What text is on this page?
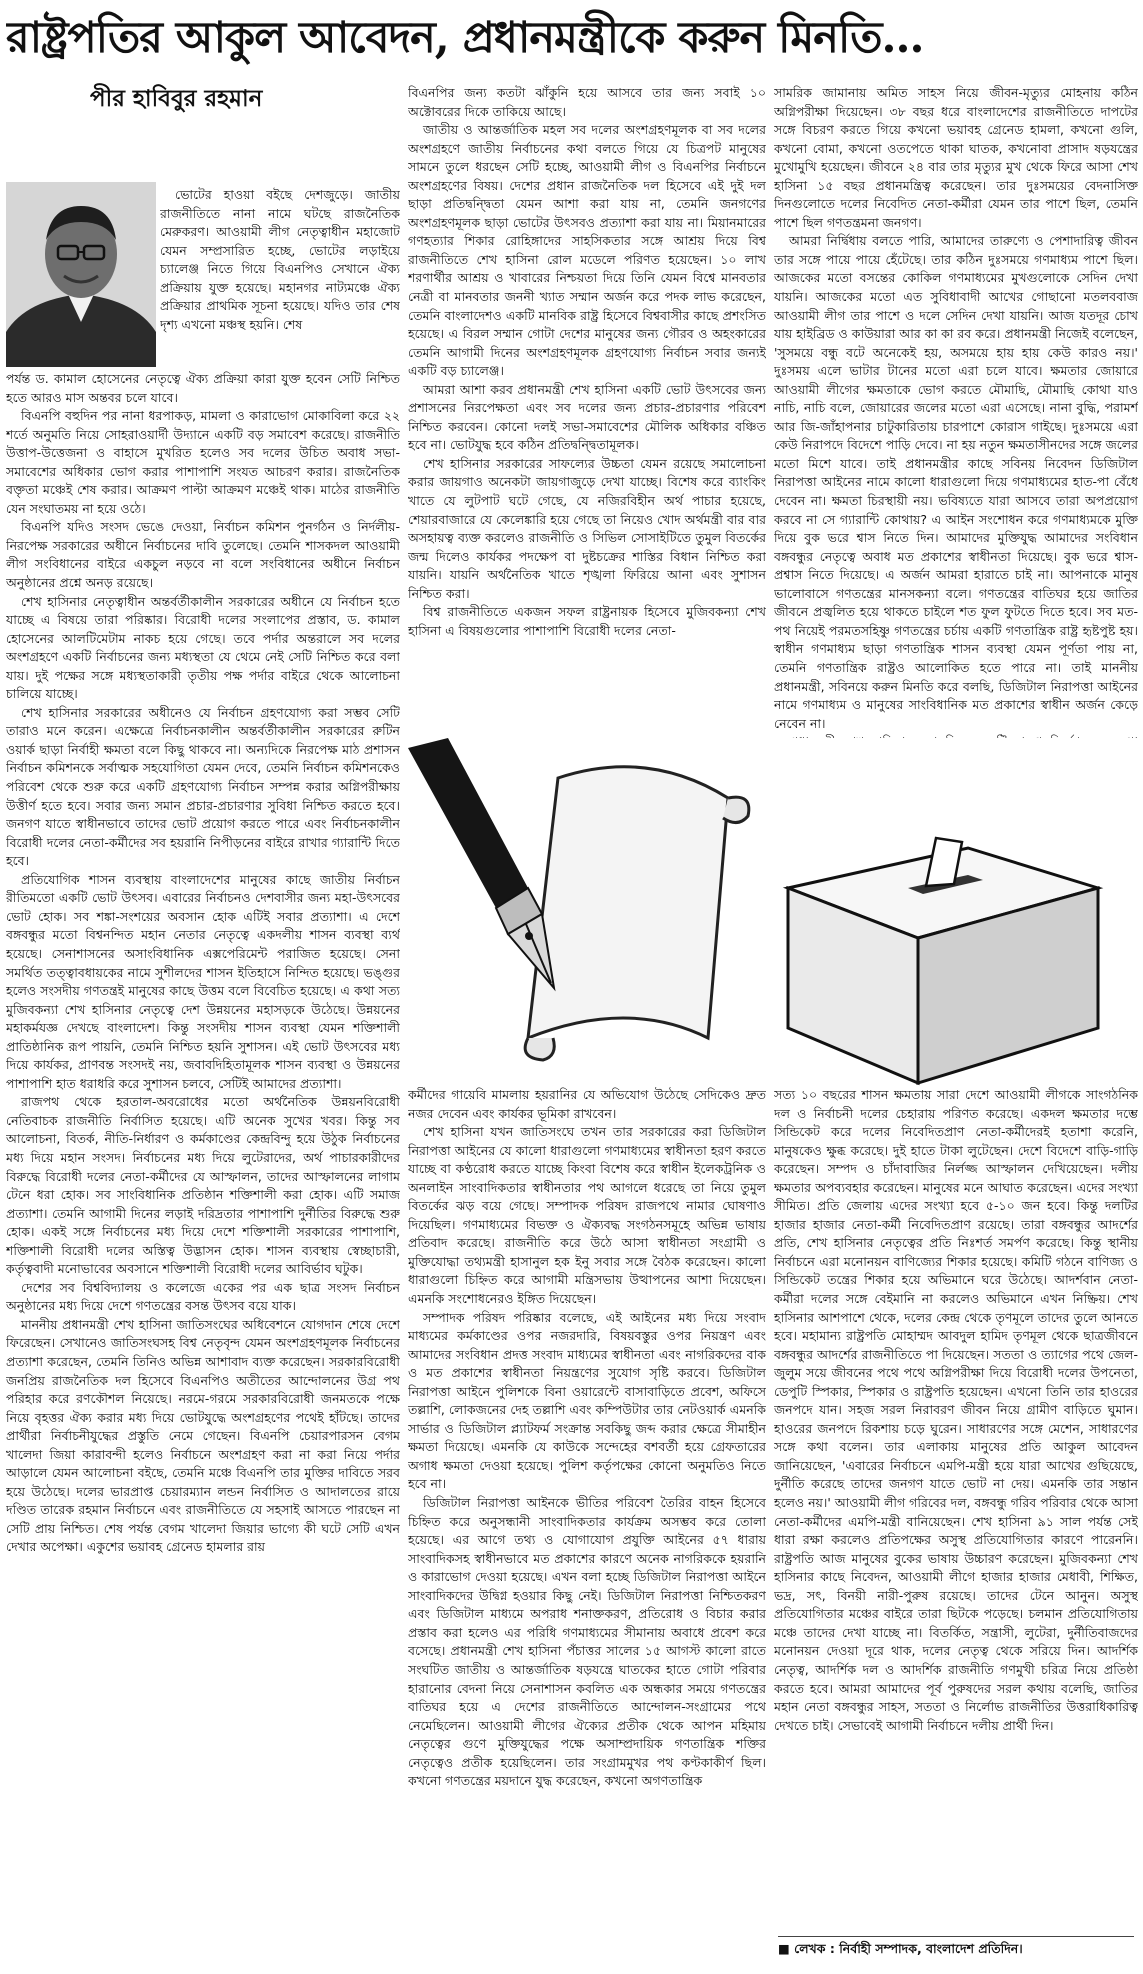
রাষ্ট্রপতির আকুল আবেদন, প্রধানমন্ত্রীকে করুন মিনতি...
পীর হাবিবুর রহমান

ভোটের হাওয়া বইছে দেশজুড়ে। জাতীয় রাজনীতিতে নানা নামে ঘটছে রাজনৈতিক মেরুকরণ। আওয়ামী লীগ নেতৃত্বাধীন মহাজোট যেমন সম্প্রসারিত হচ্ছে, ভোটের লড়াইয়ে চ্যালেঞ্জ নিতে গিয়ে বিএনপিও সেখানে ঐক্য প্রক্রিয়ায় যুক্ত হয়েছে। মহানগর নাট্যমঞ্চে ঐক্য প্রক্রিয়ার প্রাথমিক সূচনা হয়েছে। যদিও তার শেষ দৃশ্য এখনো মঞ্চস্থ হয়নি। শেষ

পর্যন্ত ড. কামাল হোসেনের নেতৃত্বে ঐক্য প্রক্রিয়া কারা যুক্ত হবেন সেটি নিশ্চিত হতে আরও মাস অন্তবর চলে যাবে।

বিএনপি বহুদিন পর নানা ধরপাকড়, মামলা ও কারাভোগ মোকাবিলা করে ২২ শর্তে অনুমতি নিয়ে সোহরাওয়ার্দী উদ্যানে একটি বড় সমাবেশ করেছে। রাজনীতি উত্তাপ-উত্তেজনা ও বাহাসে মুখরিত হলেও সব দলের উচিত অবাধ সভা-সমাবেশের অধিকার ভোগ করার পাশাপাশি সংযত আচরণ করার। রাজনৈতিক বক্তৃতা মঞ্চেই শেষ করার। আক্রমণ পাল্টা আক্রমণ মঞ্চেই থাক। মাঠের রাজনীতি যেন সংঘাতময় না হয়ে ওঠে।

বিএনপি যদিও সংসদ ভেঙে দেওয়া, নির্বাচন কমিশন পুনর্গঠন ও নির্দলীয়-নিরপেক্ষ সরকারের অধীনে নির্বাচনের দাবি তুলেছে। তেমনি শাসকদল আওয়ামী লীগ সংবিধানের বাইরে একচুল নড়বে না বলে সংবিধানের অধীনে নির্বাচন অনুষ্ঠানের প্রশ্নে অনড় রয়েছে।

শেখ হাসিনার নেতৃত্বাধীন অন্তর্বর্তীকালীন সরকারের অধীনে যে নির্বাচন হতে যাচ্ছে এ বিষয়ে তারা পরিষ্কার। বিরোধী দলের সংলাপের প্রস্তাব, ড. কামাল হোসেনের আলটিমেটাম নাকচ হয়ে গেছে। তবে পর্দার অন্তরালে সব দলের অংশগ্রহণে একটি নির্বাচনের জন্য মধ্যস্থতা যে থেমে নেই সেটি নিশ্চিত করে বলা যায়। দুই পক্ষের সঙ্গে মধ্যস্থতাকারী তৃতীয় পক্ষ পর্দার বাইরে থেকে আলোচনা চালিয়ে যাচ্ছে।

শেখ হাসিনার সরকারের অধীনেও যে নির্বাচন গ্রহণযোগ্য করা সম্ভব সেটি তারাও মনে করেন। এক্ষেত্রে নির্বাচনকালীন অন্তর্বর্তীকালীন সরকারের রুটিন ওয়ার্ক ছাড়া নির্বাহী ক্ষমতা বলে কিছু থাকবে না। অন্যদিকে নিরপেক্ষ মাঠ প্রশাসন নির্বাচন কমিশনকে সর্বাত্মক সহযোগিতা যেমন দেবে, তেমনি নির্বাচন কমিশনকেও পরিবেশ থেকে শুরু করে একটি গ্রহণযোগ্য নির্বাচন সম্পন্ন করার অগ্নিপরীক্ষায় উত্তীর্ণ হতে হবে। সবার জন্য সমান প্রচার-প্রচারণার সুবিধা নিশ্চিত করতে হবে। জনগণ যাতে স্বাধীনভাবে তাদের ভোট প্রয়োগ করতে পারে এবং নির্বাচনকালীন বিরোধী দলের নেতা-কর্মীদের সব হয়রানি নিপীড়নের বাইরে রাখার গ্যারান্টি দিতে হবে।

প্রতিযোগিক শাসন ব্যবস্থায় বাংলাদেশের মানুষের কাছে জাতীয় নির্বাচন রীতিমতো একটি ভোট উৎসব। এবারের নির্বাচনও দেশবাসীর জন্য মহা-উৎসবের ভোট হোক। সব শঙ্কা-সংশয়ের অবসান হোক এটিই সবার প্রত্যাশা। এ দেশে বঙ্গবন্ধুর মতো বিশ্বনন্দিত মহান নেতার নেতৃত্বে একদলীয় শাসন ব্যবস্থা ব্যর্থ হয়েছে। সেনাশাসনের অসাংবিধানিক এক্সপেরিমেন্ট পরাজিত হয়েছে। সেনা সমর্থিত তত্ত্বাবধায়কের নামে সুশীলদের শাসন ইতিহাসে নিন্দিত হয়েছে। ভঙ্গুর হলেও সংসদীয় গণতন্ত্রই মানুষের কাছে উত্তম বলে বিবেচিত হয়েছে। এ কথা সত্য মুজিবকন্যা শেখ হাসিনার নেতৃত্বে দেশ উন্নয়নের মহাসড়কে উঠেছে। উন্নয়নের মহাকর্মযজ্ঞ দেখছে বাংলাদেশ। কিন্তু সংসদীয় শাসন ব্যবস্থা যেমন শক্তিশালী প্রাতিষ্ঠানিক রূপ পায়নি, তেমনি নিশ্চিত হয়নি সুশাসন। এই ভোট উৎসবের মধ্য দিয়ে কার্যকর, প্রাণবন্ত সংসদই নয়, জবাবদিহিতামূলক শাসন ব্যবস্থা ও উন্নয়নের পাশাপাশি হাত ধরাধরি করে সুশাসন চলবে, সেটিই আমাদের প্রত্যাশা।

রাজপথ থেকে হরতাল-অবরোধের মতো অর্থনৈতিক উন্নয়নবিরোধী নেতিবাচক রাজনীতি নির্বাসিত হয়েছে। এটি অনেক সুখের খবর। কিন্তু সব আলোচনা, বিতর্ক, নীতি-নির্ধারণ ও কর্মকাণ্ডের কেন্দ্রবিন্দু হয়ে উঠুক নির্বাচনের মধ্য দিয়ে মহান সংসদ। নির্বাচনের মধ্য দিয়ে লুটেরাদের, অর্থ পাচারকারীদের বিরুদ্ধে বিরোধী দলের নেতা-কর্মীদের যে আস্ফালন, তাদের আস্ফালনের লাগাম টেনে ধরা হোক। সব সাংবিধানিক প্রতিষ্ঠান শক্তিশালী করা হোক। এটি সমাজ প্রত্যাশা। তেমনি আগামী দিনের লড়াই দরিদ্রতার পাশাপাশি দুর্নীতির বিরুদ্ধে শুরু হোক। একই সঙ্গে নির্বাচনের মধ্য দিয়ে দেশে শক্তিশালী সরকারের পাশাপাশি, শক্তিশালী বিরোধী দলের অস্তিত্ব উদ্ভাসন হোক। শাসন ব্যবস্থায় স্বেচ্ছাচারী, কর্তৃত্ববাদী মনোভাবের অবসানে শক্তিশালী বিরোধী দলের আবির্ভাব ঘটুক।

দেশের সব বিশ্ববিদ্যালয় ও কলেজে একের পর এক ছাত্র সংসদ নির্বাচন অনুষ্ঠানের মধ্য দিয়ে দেশে গণতন্ত্রের বসন্ত উৎসব বয়ে যাক।

মাননীয় প্রধানমন্ত্রী শেখ হাসিনা জাতিসংঘের অধিবেশনে যোগদান শেষে দেশে ফিরেছেন। সেখানেও জাতিসংঘসহ বিশ্ব নেতৃবৃন্দ যেমন অংশগ্রহণমূলক নির্বাচনের প্রত্যাশা করেছেন, তেমনি তিনিও অভিন্ন আশাবাদ ব্যক্ত করেছেন। সরকারবিরোধী জনপ্রিয় রাজনৈতিক দল হিসেবে বিএনপিও অতীতের আন্দোলনের উগ্র পথ পরিহার করে রণকৌশল নিয়েছে। নরমে-গরমে সরকারবিরোধী জনমতকে পক্ষে নিয়ে বৃহত্তর ঐক্য করার মধ্য দিয়ে ভোটযুদ্ধে অংশগ্রহণের পথেই হাঁটছে। তাদের প্রার্থীরা নির্বাচনীযুদ্ধের প্রস্তুতি নেমে গেছেন। বিএনপি চেয়ারপারসন বেগম খালেদা জিয়া কারাবন্দী হলেও নির্বাচনে অংশগ্রহণ করা না করা নিয়ে পর্দার আড়ালে যেমন আলোচনা বইছে, তেমনি মঞ্চে বিএনপি তার মুক্তির দাবিতে সরব হয়ে উঠেছে। দলের ভারপ্রাপ্ত চেয়ারম্যান লন্ডন নির্বাসিত ও আদালতের রায়ে দণ্ডিত তারেক রহমান নির্বাচনে এবং রাজনীতিতে যে সহসাই আসতে পারছেন না সেটি প্রায় নিশ্চিত। শেষ পর্যন্ত বেগম খালেদা জিয়ার ভাগ্যে কী ঘটে সেটি এখন দেখার অপেক্ষা। একুশের ভয়াবহ গ্রেনেড হামলার রায়

বিএনপির জন্য কতটা ঝাঁকুনি হয়ে আসবে তার জন্য সবাই ১০ অক্টোবরের দিকে তাকিয়ে আছে।

জাতীয় ও আন্তর্জাতিক মহল সব দলের অংশগ্রহণমূলক বা সব দলের অংশগ্রহণে জাতীয় নির্বাচনের কথা বলতে গিয়ে যে চিত্রপট মানুষের সামনে তুলে ধরছেন সেটি হচ্ছে, আওয়ামী লীগ ও বিএনপির নির্বাচনে অংশগ্রহণের বিষয়। দেশের প্রধান রাজনৈতিক দল হিসেবে এই দুই দল ছাড়া প্রতিদ্বন্দ্বিতা যেমন আশা করা যায় না, তেমনি জনগণের অংশগ্রহণমূলক ছাড়া ভোটের উৎসবও প্রত্যাশা করা যায় না। মিয়ানমারের গণহত্যার শিকার রোহিঙ্গাদের সাহসিকতার সঙ্গে আশ্রয় দিয়ে বিশ্ব রাজনীতিতে শেখ হাসিনা রোল মডেলে পরিণত হয়েছেন। ১০ লাখ শরণার্থীর আশ্রয় ও খাবারের নিশ্চয়তা দিয়ে তিনি যেমন বিশ্বে মানবতার নেত্রী বা মানবতার জননী খ্যাত সম্মান অর্জন করে পদক লাভ করেছেন, তেমনি বাংলাদেশও একটি মানবিক রাষ্ট্র হিসেবে বিশ্ববাসীর কাছে প্রশংসিত হয়েছে। এ বিরল সম্মান গোটা দেশের মানুষের জন্য গৌরব ও অহংকারের তেমনি আগামী দিনের অংশগ্রহণমূলক গ্রহণযোগ্য নির্বাচন সবার জন্যই একটি বড় চ্যালেঞ্জ।

আমরা আশা করব প্রধানমন্ত্রী শেখ হাসিনা একটি ভোট উৎসবের জন্য প্রশাসনের নিরপেক্ষতা এবং সব দলের জন্য প্রচার-প্রচারণার পরিবেশ নিশ্চিত করবেন। কোনো দলই সভা-সমাবেশের মৌলিক অধিকার বঞ্চিত হবে না। ভোটযুদ্ধ হবে কঠিন প্রতিদ্বন্দ্বিতামূলক।

শেখ হাসিনার সরকারের সাফল্যের উচ্চতা যেমন রয়েছে সমালোচনা করার জায়গাও অনেকটা জায়গাজুড়ে দেখা যাচ্ছে। বিশেষ করে ব্যাংকিং খাতে যে লুটপাট ঘটে গেছে, যে নজিরবিহীন অর্থ পাচার হয়েছে, শেয়ারবাজারে যে কেলেঙ্কারি হয়ে গেছে তা নিয়েও খোদ অর্থমন্ত্রী বার বার অসহায়ত্ব ব্যক্ত করলেও রাজনীতি ও সিভিল সোসাইটিতে তুমুল বিতর্কের জন্ম দিলেও কার্যকর পদক্ষেপ বা দুষ্টচক্রের শাস্তির বিধান নিশ্চিত করা যায়নি। যায়নি অর্থনৈতিক খাতে শৃঙ্খলা ফিরিয়ে আনা এবং সুশাসন নিশ্চিত করা।

বিশ্ব রাজনীতিতে একজন সফল রাষ্ট্রনায়ক হিসেবে মুজিবকন্যা শেখ হাসিনা এ বিষয়গুলোর পাশাপাশি বিরোধী দলের নেতা-

সামরিক জামানায় অমিত সাহস নিয়ে জীবন-মৃত্যুর মোহনায় কঠিন অগ্নিপরীক্ষা দিয়েছেন। ৩৮ বছর ধরে বাংলাদেশের রাজনীতিতে দাপটের সঙ্গে বিচরণ করতে গিয়ে কখনো ভয়াবহ গ্রেনেড হামলা, কখনো গুলি, কখনো বোমা, কখনো ওতপেতে থাকা ঘাতক, কখনোবা প্রাসাদ ষড়যন্ত্রের মুখোমুখি হয়েছেন। জীবনে ২৪ বার তার মৃত্যুর মুখ থেকে ফিরে আসা শেখ হাসিনা ১৫ বছর প্রধানমন্ত্রিত্ব করেছেন। তার দুঃসময়ের বেদনাসিক্ত দিনগুলোতে দলের নিবেদিত নেতা-কর্মীরা যেমন তার পাশে ছিল, তেমনি পাশে ছিল গণতন্ত্রমনা জনগণ।

আমরা নির্দ্বিধায় বলতে পারি, আমাদের তারুণ্যে ও পেশাদারিত্ব জীবন তার সঙ্গে পায়ে পায়ে হেঁটেছে। তার কঠিন দুঃসময়ে গণমাধ্যম পাশে ছিল। আজকের মতো বসন্তের কোকিল গণমাধ্যমের মুখগুলোকে সেদিন দেখা যায়নি। আজকের মতো এত সুবিধাবাদী আখের গোছানো মতলববাজ আওয়ামী লীগ তার পাশে ও দলে সেদিন দেখা যায়নি। আজ যতদূর চোখ যায় হাইব্রিড ও কাউয়ারা আর কা কা রব করে। প্রধানমন্ত্রী নিজেই বলেছেন, 'সুসময়ে বন্ধু বটে অনেকেই হয়, অসময়ে হায় হায় কেউ কারও নয়।' দুঃসময় এলে ভাটার টানের মতো এরা চলে যাবে। ক্ষমতার জোয়ারে আওয়ামী লীগের ক্ষমতাকে ভোগ করতে মৌমাছি, মৌমাছি কোথা যাও নাচি, নাচি বলে, জোয়ারের জলের মতো এরা এসেছে। নানা বুদ্ধি, পরামর্শ আর জি-জাঁহাপনার চাটুকারিতায় চারপাশে কোরাস গাইছে। দুঃসময়ে এরা কেউ নিরাপদে বিদেশে পাড়ি দেবে। না হয় নতুন ক্ষমতাসীনদের সঙ্গে জলের মতো মিশে যাবে। তাই প্রধানমন্ত্রীর কাছে সবিনয় নিবেদন ডিজিটাল নিরাপত্তা আইনের নামে কালো ধারাগুলো দিয়ে গণমাধ্যমের হাত-পা বেঁধে দেবেন না। ক্ষমতা চিরস্থায়ী নয়। ভবিষ্যতে যারা আসবে তারা অপপ্রয়োগ করবে না সে গ্যারান্টি কোথায়? এ আইন সংশোধন করে গণমাধ্যমকে মুক্তি দিয়ে বুক ভরে শ্বাস নিতে দিন। আমাদের মুক্তিযুদ্ধ আমাদের সংবিধান বঙ্গবন্ধুর নেতৃত্বে অবাধ মত প্রকাশের স্বাধীনতা দিয়েছে। বুক ভরে শ্বাস-প্রশ্বাস নিতে দিয়েছে। এ অর্জন আমরা হারাতে চাই না। আপনাকে মানুষ ভালোবাসে গণতন্ত্রের মানসকন্যা বলে। গণতন্ত্রের বাতিঘর হয়ে জাতির জীবনে প্রজ্বলিত হয়ে থাকতে চাইলে শত ফুল ফুটতে দিতে হবে। সব মত-পথ নিয়েই পরমতসহিষ্ণু গণতন্ত্রের চর্চায় একটি গণতান্ত্রিক রাষ্ট্র হৃষ্টপুষ্ট হয়। স্বাধীন গণমাধ্যম ছাড়া গণতান্ত্রিক শাসন ব্যবস্থা যেমন পূর্ণতা পায় না, তেমনি গণতান্ত্রিক রাষ্ট্রও আলোকিত হতে পারে না। তাই মাননীয় প্রধানমন্ত্রী, সবিনয়ে করুন মিনতি করে বলছি, ডিজিটাল নিরাপত্তা আইনের নামে গণমাধ্যম ও মানুষের সাংবিধানিক মত প্রকাশের স্বাধীন অর্জন কেড়ে নেবেন না।

কর্মীদের গায়েবি মামলায় হয়রানির যে অভিযোগ উঠেছে সেদিকেও দ্রুত নজর দেবেন এবং কার্যকর ভূমিকা রাখবেন।

শেখ হাসিনা যখন জাতিসংঘে তখন তার সরকারের করা ডিজিটাল নিরাপত্তা আইনের যে কালো ধারাগুলো গণমাধ্যমের স্বাধীনতা হরণ করতে যাচ্ছে বা কণ্ঠরোধ করতে যাচ্ছে কিংবা বিশেষ করে স্বাধীন ইলেকট্রনিক ও অনলাইন সাংবাদিকতার স্বাধীনতার পথ আগলে ধরেছে তা নিয়ে তুমুল বিতর্কের ঝড় বয়ে গেছে। সম্পাদক পরিষদ রাজপথে নামার ঘোষণাও দিয়েছিল। গণমাধ্যমের বিভক্ত ও ঐক্যবদ্ধ সংগঠনসমূহে অভিন্ন ভাষায় প্রতিবাদ করেছে। রাজনীতি করে উঠে আসা স্বাধীনতা সংগ্রামী ও মুক্তিযোদ্ধা তথ্যমন্ত্রী হাসানুল হক ইনু সবার সঙ্গে বৈঠক করেছেন। কালো ধারাগুলো চিহ্নিত করে আগামী মন্ত্রিসভায় উত্থাপনের আশা দিয়েছেন। এমনকি সংশোধনেরও ইঙ্গিত দিয়েছেন।

সম্পাদক পরিষদ পরিষ্কার বলেছে, এই আইনের মধ্য দিয়ে সংবাদ মাধ্যমের কর্মকাণ্ডের ওপর নজরদারি, বিষয়বস্তুর ওপর নিয়ন্ত্রণ এবং আমাদের সংবিধান প্রদত্ত সংবাদ মাধ্যমের স্বাধীনতা এবং নাগরিকদের বাক ও মত প্রকাশের স্বাধীনতা নিয়ন্ত্রণের সুযোগ সৃষ্টি করবে। ডিজিটাল নিরাপত্তা আইনে পুলিশকে বিনা ওয়ারেন্টে বাসাবাড়িতে প্রবেশ, অফিসে তল্লাশি, লোকজনের দেহ তল্লাশি এবং কম্পিউটার তার নেটওয়ার্ক এমনকি সার্ভার ও ডিজিটাল প্ল্যাটফর্ম সংক্রান্ত সবকিছু জব্দ করার ক্ষেত্রে সীমাহীন ক্ষমতা দিয়েছে। এমনকি যে কাউকে সন্দেহের বশবর্তী হয়ে গ্রেফতারের অগাধ ক্ষমতা দেওয়া হয়েছে। পুলিশ কর্তৃপক্ষের কোনো অনুমতিও নিতে হবে না।

ডিজিটাল নিরাপত্তা আইনকে ভীতির পরিবেশ তৈরির বাহন হিসেবে চিহ্নিত করে অনুসন্ধানী সাংবাদিকতার কার্যক্রম অসম্ভব করে তোলা হয়েছে। এর আগে তথ্য ও যোগাযোগ প্রযুক্তি আইনের ৫৭ ধারায় সাংবাদিকসহ স্বাধীনভাবে মত প্রকাশের কারণে অনেক নাগরিককে হয়রানি ও কারাভোগ দেওয়া হয়েছে। এখন বলা হচ্ছে ডিজিটাল নিরাপত্তা আইনে সাংবাদিকদের উদ্বিগ্ন হওয়ার কিছু নেই। ডিজিটাল নিরাপত্তা নিশ্চিতকরণ এবং ডিজিটাল মাধ্যমে অপরাধ শনাক্তকরণ, প্রতিরোধ ও বিচার করার প্রস্তাব করা হলেও এর পরিধি গণমাধ্যমের সীমানায় অবাধে প্রবেশ করে বসেছে। প্রধানমন্ত্রী শেখ হাসিনা পঁচাত্তর সালের ১৫ আগস্ট কালো রাতে সংঘটিত জাতীয় ও আন্তর্জাতিক ষড়যন্ত্রে ঘাতকের হাতে গোটা পরিবার হারানোর বেদনা নিয়ে সেনাশাসন কবলিত এক অন্ধকার সময়ে গণতন্ত্রের বাতিঘর হয়ে এ দেশের রাজনীতিতে আন্দোলন-সংগ্রামের পথে নেমেছিলেন। আওয়ামী লীগের ঐক্যের প্রতীক থেকে আপন মহিমায় নেতৃত্বের গুণে মুক্তিযুদ্ধের পক্ষে অসাম্প্রদায়িক গণতান্ত্রিক শক্তির নেতৃত্বেও প্রতীক হয়েছিলেন। তার সংগ্রামমুখর পথ কণ্টকাকীর্ণ ছিল। কখনো গণতন্ত্রের ময়দানে যুদ্ধ করেছেন, কখনো অগণতান্ত্রিক

সত্য ১০ বছরের শাসন ক্ষমতায় সারা দেশে আওয়ামী লীগকে সাংগঠনিক দল ও নির্বাচনী দলের চেহারায় পরিণত করেছে। একদল ক্ষমতার দম্ভে সিন্ডিকেট করে দলের নিবেদিতপ্রাণ নেতা-কর্মীদেরই হতাশা করেনি, মানুষকেও ক্ষুব্ধ করেছে। দুই হাতে টাকা লুটেছেন। দেশে বিদেশে বাড়ি-গাড়ি করেছেন। সম্পদ ও চাঁদাবাজির নির্লজ্জ আস্ফালন দেখিয়েছেন। দলীয় ক্ষমতার অপব্যবহার করেছেন। মানুষের মনে আঘাত করেছেন। এদের সংখ্যা সীমিত। প্রতি জেলায় এদের সংখ্যা হবে ৫-১০ জন হবে। কিন্তু দলটির হাজার হাজার নেতা-কর্মী নিবেদিতপ্রাণ রয়েছে। তারা বঙ্গবন্ধুর আদর্শের প্রতি, শেখ হাসিনার নেতৃত্বের প্রতি নিঃশর্ত সমর্পণ করেছে। কিন্তু স্থানীয় নির্বাচনে এরা মনোনয়ন বাণিজ্যের শিকার হয়েছে। কমিটি গঠনে বাণিজ্য ও সিন্ডিকেট তন্ত্রের শিকার হয়ে অভিমানে ঘরে উঠেছে। আদর্শবান নেতা-কর্মীরা দলের সঙ্গে বেইমানি না করলেও অভিমানে এখন নিষ্ক্রিয়। শেখ হাসিনার আশপাশে থেকে, দলের কেন্দ্র থেকে তৃণমূলে তাদের তুলে আনতে হবে। মহামান্য রাষ্ট্রপতি মোহাম্মদ আবদুল হামিদ তৃণমূল থেকে ছাত্রজীবনে বঙ্গবন্ধুর আদর্শের রাজনীতিতে পা দিয়েছেন। সততা ও ত্যাগের পথে জেল-জুলুম সয়ে জীবনের পথে পথে অগ্নিপরীক্ষা দিয়ে বিরোধী দলের উপনেতা, ডেপুটি স্পিকার, স্পিকার ও রাষ্ট্রপতি হয়েছেন। এখনো তিনি তার হাওরের জনপদে যান। সহজ সরল নিরাবরণ জীবন নিয়ে গ্রামীণ বাড়িতে ঘুমান। হাওরের জনপদে রিকশায় চড়ে ঘুরেন। সাধারণের সঙ্গে মেশেন, সাধারণের সঙ্গে কথা বলেন। তার এলাকায় মানুষের প্রতি আকুল আবেদন জানিয়েছেন, 'এবারের নির্বাচনে এমপি-মন্ত্রী হয়ে যারা আখের গুছিয়েছে, দুর্নীতি করেছে তাদের জনগণ যাতে ভোট না দেয়। এমনকি তার সন্তান হলেও নয়।' আওয়ামী লীগ গরিবের দল, বঙ্গবন্ধু গরিব পরিবার থেকে আসা নেতা-কর্মীদের এমপি-মন্ত্রী বানিয়েছেন। শেখ হাসিনা ৯১ সাল পর্যন্ত সেই ধারা রক্ষা করলেও প্রতিপক্ষের অসুস্থ প্রতিযোগিতার কারণে পারেননি। রাষ্ট্রপতি আজ মানুষের বুকের ভাষায় উচ্চারণ করেছেন। মুজিবকন্যা শেখ হাসিনার কাছে নিবেদন, আওয়ামী লীগে হাজার হাজার মেধাবী, শিক্ষিত, ভদ্র, সৎ, বিনয়ী নারী-পুরুষ রয়েছে। তাদের টেনে আনুন। অসুস্থ প্রতিযোগিতার মঞ্চের বাইরে তারা ছিটকে পড়েছে। চলমান প্রতিযোগিতায় মঞ্চে তাদের দেখা যাচ্ছে না। বিতর্কিত, সন্ত্রাসী, লুটেরা, দুর্নীতিবাজদের মনোনয়ন দেওয়া দূরে থাক, দলের নেতৃত্ব থেকে সরিয়ে দিন। আদর্শিক নেতৃত্ব, আদর্শিক দল ও আদর্শিক রাজনীতি গণমুখী চরিত্র নিয়ে প্রতিষ্ঠা করতে হবে। আমরা আমাদের পূর্ব পুরুষদের সরল কথায় বলেছি, জাতির মহান নেতা বঙ্গবন্ধুর সাহস, সততা ও নির্লোভ রাজনীতির উত্তরাধিকারিত্ব দেখতে চাই। সেভাবেই আগামী নির্বাচনে দলীয় প্রার্থী দিন।

■ লেখক : নির্বাহী সম্পাদক, বাংলাদেশ প্রতিদিন।
